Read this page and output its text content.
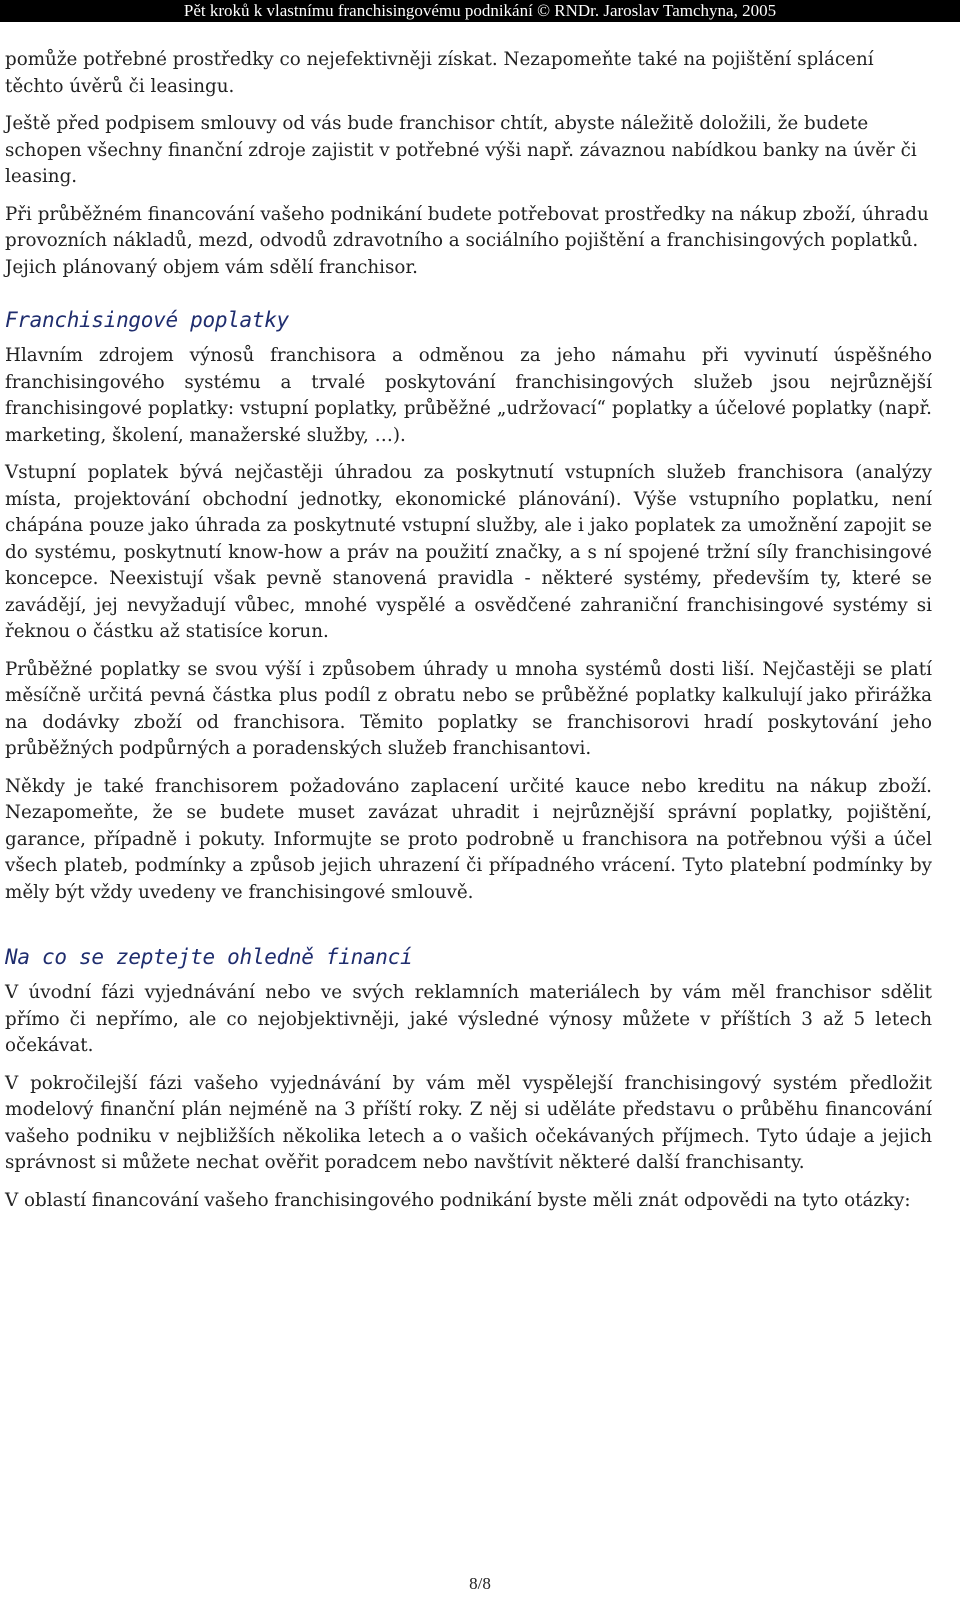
Pět kroků k vlastnímu franchisingovému podnikání © RNDr. Jaroslav Tamchyna, 2005

pomůže potřebné prostředky co nejefektivněji získat. Nezapomeňte také na pojištění splácení těchto úvěrů či leasingu.

Ještě před podpisem smlouvy od vás bude franchisor chtít, abyste náležitě doložili, že budete schopen všechny finanční zdroje zajistit v potřebné výši např. závaznou nabídkou banky na úvěr či leasing.

Při průběžném financování vašeho podnikání budete potřebovat prostředky na nákup zboží, úhradu provozních nákladů, mezd, odvodů zdravotního a sociálního pojištění a franchisingových poplatků. Jejich plánovaný objem vám sdělí franchisor.

Franchisingové poplatky

Hlavním zdrojem výnosů franchisora a odměnou za jeho námahu při vyvinutí úspěšného franchisingového systému a trvalé poskytování franchisingových služeb jsou nejrůznější franchisingové poplatky: vstupní poplatky, průběžné „udržovací“ poplatky a účelové poplatky (např. marketing, školení, manažerské služby, …).

Vstupní poplatek bývá nejčastěji úhradou za poskytnutí vstupních služeb franchisora (analýzy místa, projektování obchodní jednotky, ekonomické plánování). Výše vstupního poplatku, není chápána pouze jako úhrada za poskytnuté vstupní služby, ale i jako poplatek za umožnění zapojit se do systému, poskytnutí know-how a práv na použití značky, a s ní spojené tržní síly franchisingové koncepce. Neexistují však pevně stanovená pravidla - některé systémy, především ty, které se zavádějí, jej nevyžadují vůbec, mnohé vyspělé a osvědčené zahraniční franchisingové systémy si řeknou o částku až statisíce korun.

Průběžné poplatky se svou výší i způsobem úhrady u mnoha systémů dosti liší. Nejčastěji se platí měsíčně určitá pevná částka plus podíl z obratu nebo se průběžné poplatky kalkulují jako přirážka na dodávky zboží od franchisora. Těmito poplatky se franchisorovi hradí poskytování jeho průběžných podpůrných a poradenských služeb franchisantovi.

Někdy je také franchisorem požadováno zaplacení určité kauce nebo kreditu na nákup zboží. Nezapomeňte, že se budete muset zavázat uhradit i nejrůznější správní poplatky, pojištění, garance, případně i pokuty. Informujte se proto podrobně u franchisora na potřebnou výši a účel všech plateb, podmínky a způsob jejich uhrazení či případného vrácení. Tyto platební podmínky by měly být vždy uvedeny ve franchisingové smlouvě.

Na co se zeptejte ohledně financí

V úvodní fázi vyjednávání nebo ve svých reklamních materiálech by vám měl franchisor sdělit přímo či nepřímo, ale co nejobjektivněji, jaké výsledné výnosy můžete v příštích 3 až 5 letech očekávat.

V pokročilejší fázi vašeho vyjednávání by vám měl vyspělejší franchisingový systém předložit modelový finanční plán nejméně na 3 příští roky. Z něj si uděláte představu o průběhu financování vašeho podniku v nejbližších několika letech a o vašich očekávaných příjmech. Tyto údaje a jejich správnost si můžete nechat ověřit poradcem nebo navštívit některé další franchisanty.

V oblastí financování vašeho franchisingového podnikání byste měli znát odpovědi na tyto otázky:

8/8
